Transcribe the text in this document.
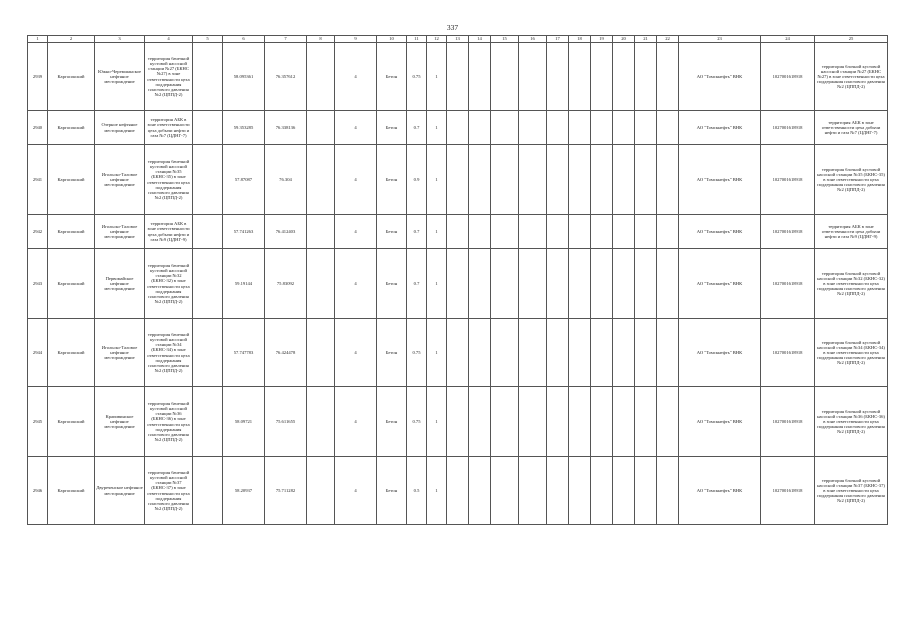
337
1	2	3	4	5	6	7	8	9	10	11	12	13	14	15	16	17	18	19	20	21	22	23	24	25
2939	Каргасокский	Южно-Черемшанское нефтяное месторождение	территория бачечной кустовой насосной станции №27 (БКНС №27) в зоне ответственности цеха поддержания пластового давления №2 (ЦППД-2)		58.095361	76.357612		4	Бетон	0.75	1											АО "Томскнефть" ВНК	1027001618918	территория блочной кустовой насосной станции №27 (БКНС №27) в зоне ответственности цеха поддержания пластового давления №2 (ЦППД-2)
2940	Каргасокский	Озерное нефтяное месторождение	территория АБК в зоне ответственности цеха добычи нефти и газа №7 (ЦДНГ-7)		59.353285	76.338136		4	Бетон	0.7	1											АО "Томскнефть" ВНК	1027001618918	территория АБК в зоне ответственности цеха добычи нефти и газа №7 (ЦДНГ-7)
2941	Каргасокский	Игольско-Таловое нефтяное месторождение	территория бачечной кустовой насосной станции №35 (БКНС-35) в зоне ответственности цеха поддержания пластового давления №2 (ЦППД-2)		57.87087	76.304		4	Бетон	0.9	1											АО "Томскнефть" ВНК	1027001618918	территория блочной кустовой насосной станции №35 (БКНС-35) в зоне ответственности цеха поддержания пластового давления №2 (ЦППД-2)
2942	Каргасокский	Игольско-Таловое нефтяное месторождение	территория АБК в зоне ответственности цеха добычи нефти и газа №9 (ЦДНГ-9)		57.741263	76.412403		4	Бетон	0.7	1											АО "Томскнефть" ВНК	1027001618918	территория АБК в зоне ответственности цеха добычи нефти и газа №9 (ЦДНГ-9)
2943	Каргасокский	Первомайское нефтяное месторождение	территория бачечной кустовой насосной станции №32 (БКНС-32) в зоне ответственности цеха поддержания пластового давления №2 (ЦППД-2)		59.19144	75.83092		4	Бетон	0.7	1											АО "Томскнефть" ВНК	1027001618918	территория блочной кустовой насосной станции №32 (БКНС-32) в зоне ответственности цеха поддержания пластового давления №2 (ЦППД-2)
2944	Каргасокский	Игольско-Таловое нефтяное месторождение	территория бачечной кустовой насосной станции №34 (БКНС-34) в зоне ответственности цеха поддержания пластового давления №2 (ЦППД-2)		57.747783	76.424478		4	Бетон	0.75	1											АО "Томскнефть" ВНК	1027001618918	территория блочной кустовой насосной станции №34 (БКНС-34) в зоне ответственности цеха поддержания пластового давления №2 (ЦППД-2)
2945	Каргасокский	Крапивинское нефтяное месторождение	территория бачечной кустовой насосной станции №36 (БКНС-36) в зоне ответственности цеха поддержания пластового давления №2 (ЦППД-2)		58.09721	75.611655		4	Бетон	0.75	1											АО "Томскнефть" ВНК	1027001618918	территория блочной кустовой насосной станции №36 (БКНС-36) в зоне ответственности цеха поддержания пластового давления №2 (ЦППД-2)
2946	Каргасокский	Двуреченское нефтяное месторождение	территория бачечной кустовой насосной станции №37 (БКНС-37) в зоне ответственности цеха поддержания пластового давления №2 (ЦППД-2)		58.20937	75.711282		4	Бетон	0.5	1											АО "Томскнефть" ВНК	1027001618918	территория блочной кустовой насосной станции №37 (БКНС-37) в зоне ответственности цеха поддержания пластового давления №2 (ЦППД-2)
